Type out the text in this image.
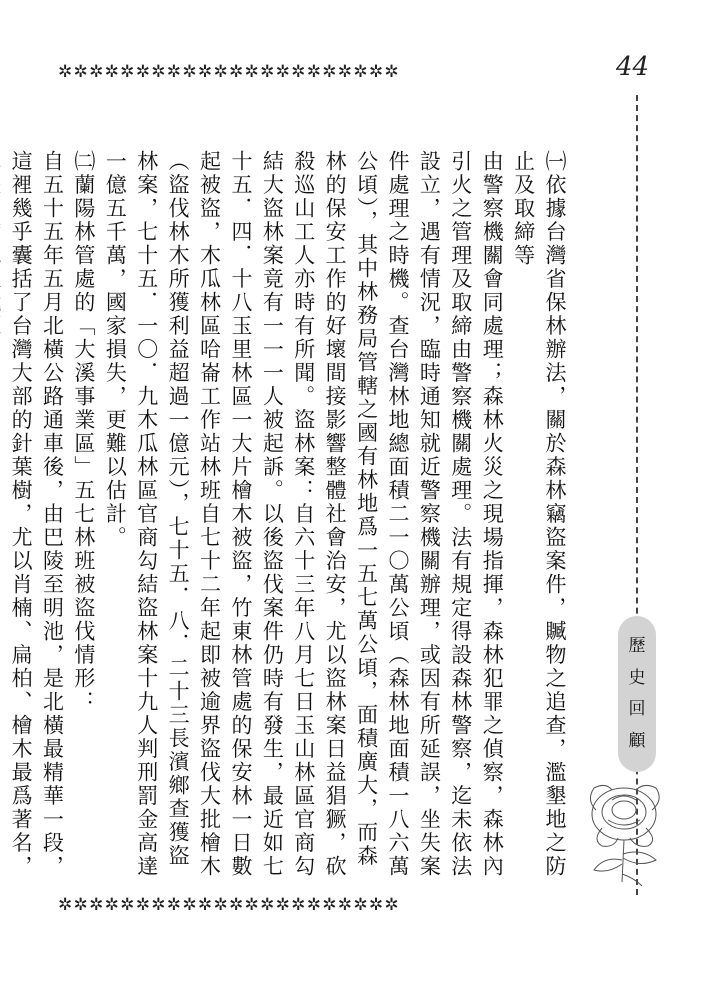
✲✲✲✲✲✲✲✲✲✲✲✲✲✲✲✲✲✲✲✲✲✲	44
歷
史
回
顧

㈠依據台灣省保林辦法，關於森林竊盜案件，贓物之追查，濫墾地之防止及取締等
由警察機關會同處理；森林火災之現場指揮，森林犯罪之偵察，森林內引火之管理及取締由警察機關處理。法有規定得設森林警察，迄未依法設立，遇有情況，臨時通知就近警察機關辦理，或因有所延誤，坐失案件處理之時機。查台灣林地總面積二一〇萬公頃（森林地面積一八六萬公頃），其中林務局管轄之國有林地爲一五七萬公頃，面積廣大，而森林的保安工作的好壞間接影響整體社會治安，尤以盜林案日益猖獗，砍殺巡山工人亦時有所聞。盜林案：自六十三年八月七日玉山林區官商勾結大盜林案竟有一一一人被起訴。以後盜伐案件仍時有發生，最近如七十五．四．十八玉里林區一大片檜木被盜，竹東林管處的保安林一日數起被盜，木瓜林區哈崙工作站林班自七十二年起即被逾界盜伐大批檜木（盜伐林木所獲利益超過一億元），七十五．八．二十三長濱鄉查獲盜林案，七十五．一〇．九木瓜林區官商勾結盜林案十九人判刑罰金高達一億五千萬，國家損失，更難以估計。

㈡蘭陽林管處的「大溪事業區」五七林班被盜伐情形：
自五十五年五月北橫公路通車後，由巴陵至明池，是北橫最精華一段，這裡幾乎囊括了台灣大部的針葉樹，尤以肖楠、扁柏、檜木最爲著名，

✲✲✲✲✲✲✲✲✲✲✲✲✲✲✲✲✲✲✲✲✲✲
